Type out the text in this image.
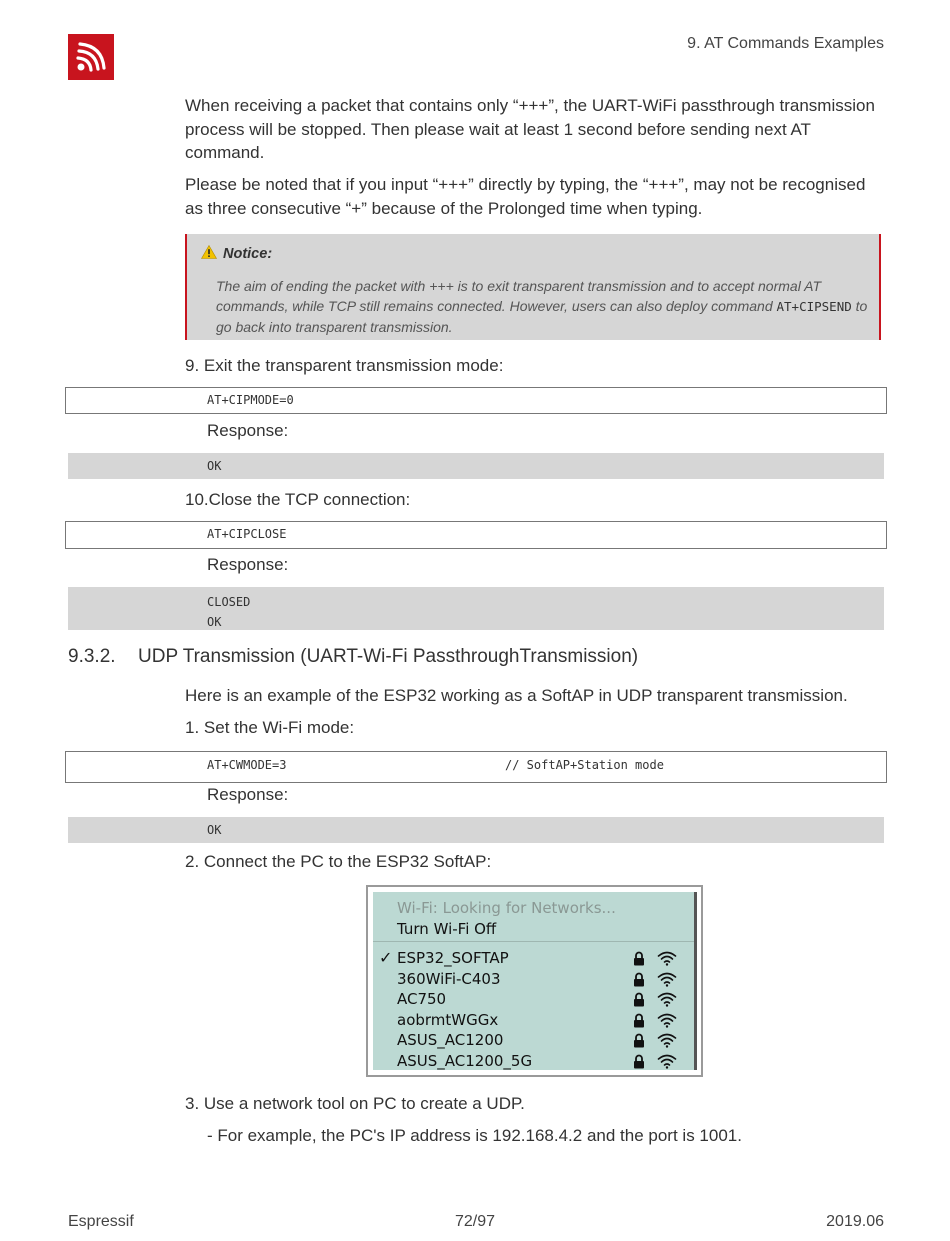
9. AT Commands Examples
When receiving a packet that contains only “+++”, the UART-WiFi passthrough transmission process will be stopped. Then please wait at least 1 second before sending next AT command.
Please be noted that if you input “+++” directly by typing, the “+++”, may not be recognised as three consecutive “+” because of the Prolonged time when typing.
Notice:
The aim of ending the packet with +++ is to exit transparent transmission and to accept normal AT commands, while TCP still remains connected. However, users can also deploy command AT+CIPSEND to go back into transparent transmission.
9. Exit the transparent transmission mode:
AT+CIPMODE=0
Response:
OK
10.Close the TCP connection:
AT+CIPCLOSE
Response:
CLOSED
OK
9.3.2. UDP Transmission (UART-Wi-Fi PassthroughTransmission)
Here is an example of the ESP32 working as a SoftAP in UDP transparent transmission.
1. Set the Wi-Fi mode:
AT+CWMODE=3	// SoftAP+Station mode
Response:
OK
2. Connect the PC to the ESP32 SoftAP:
Wi-Fi: Looking for Networks...
Turn Wi-Fi Off
✓ ESP32_SOFTAP
360WiFi-C403
AC750
aobrmtWGGx
ASUS_AC1200
ASUS_AC1200_5G
3. Use a network tool on PC to create a UDP.
- For example, the PC's IP address is 192.168.4.2 and the port is 1001.
Espressif	72/97	2019.06
